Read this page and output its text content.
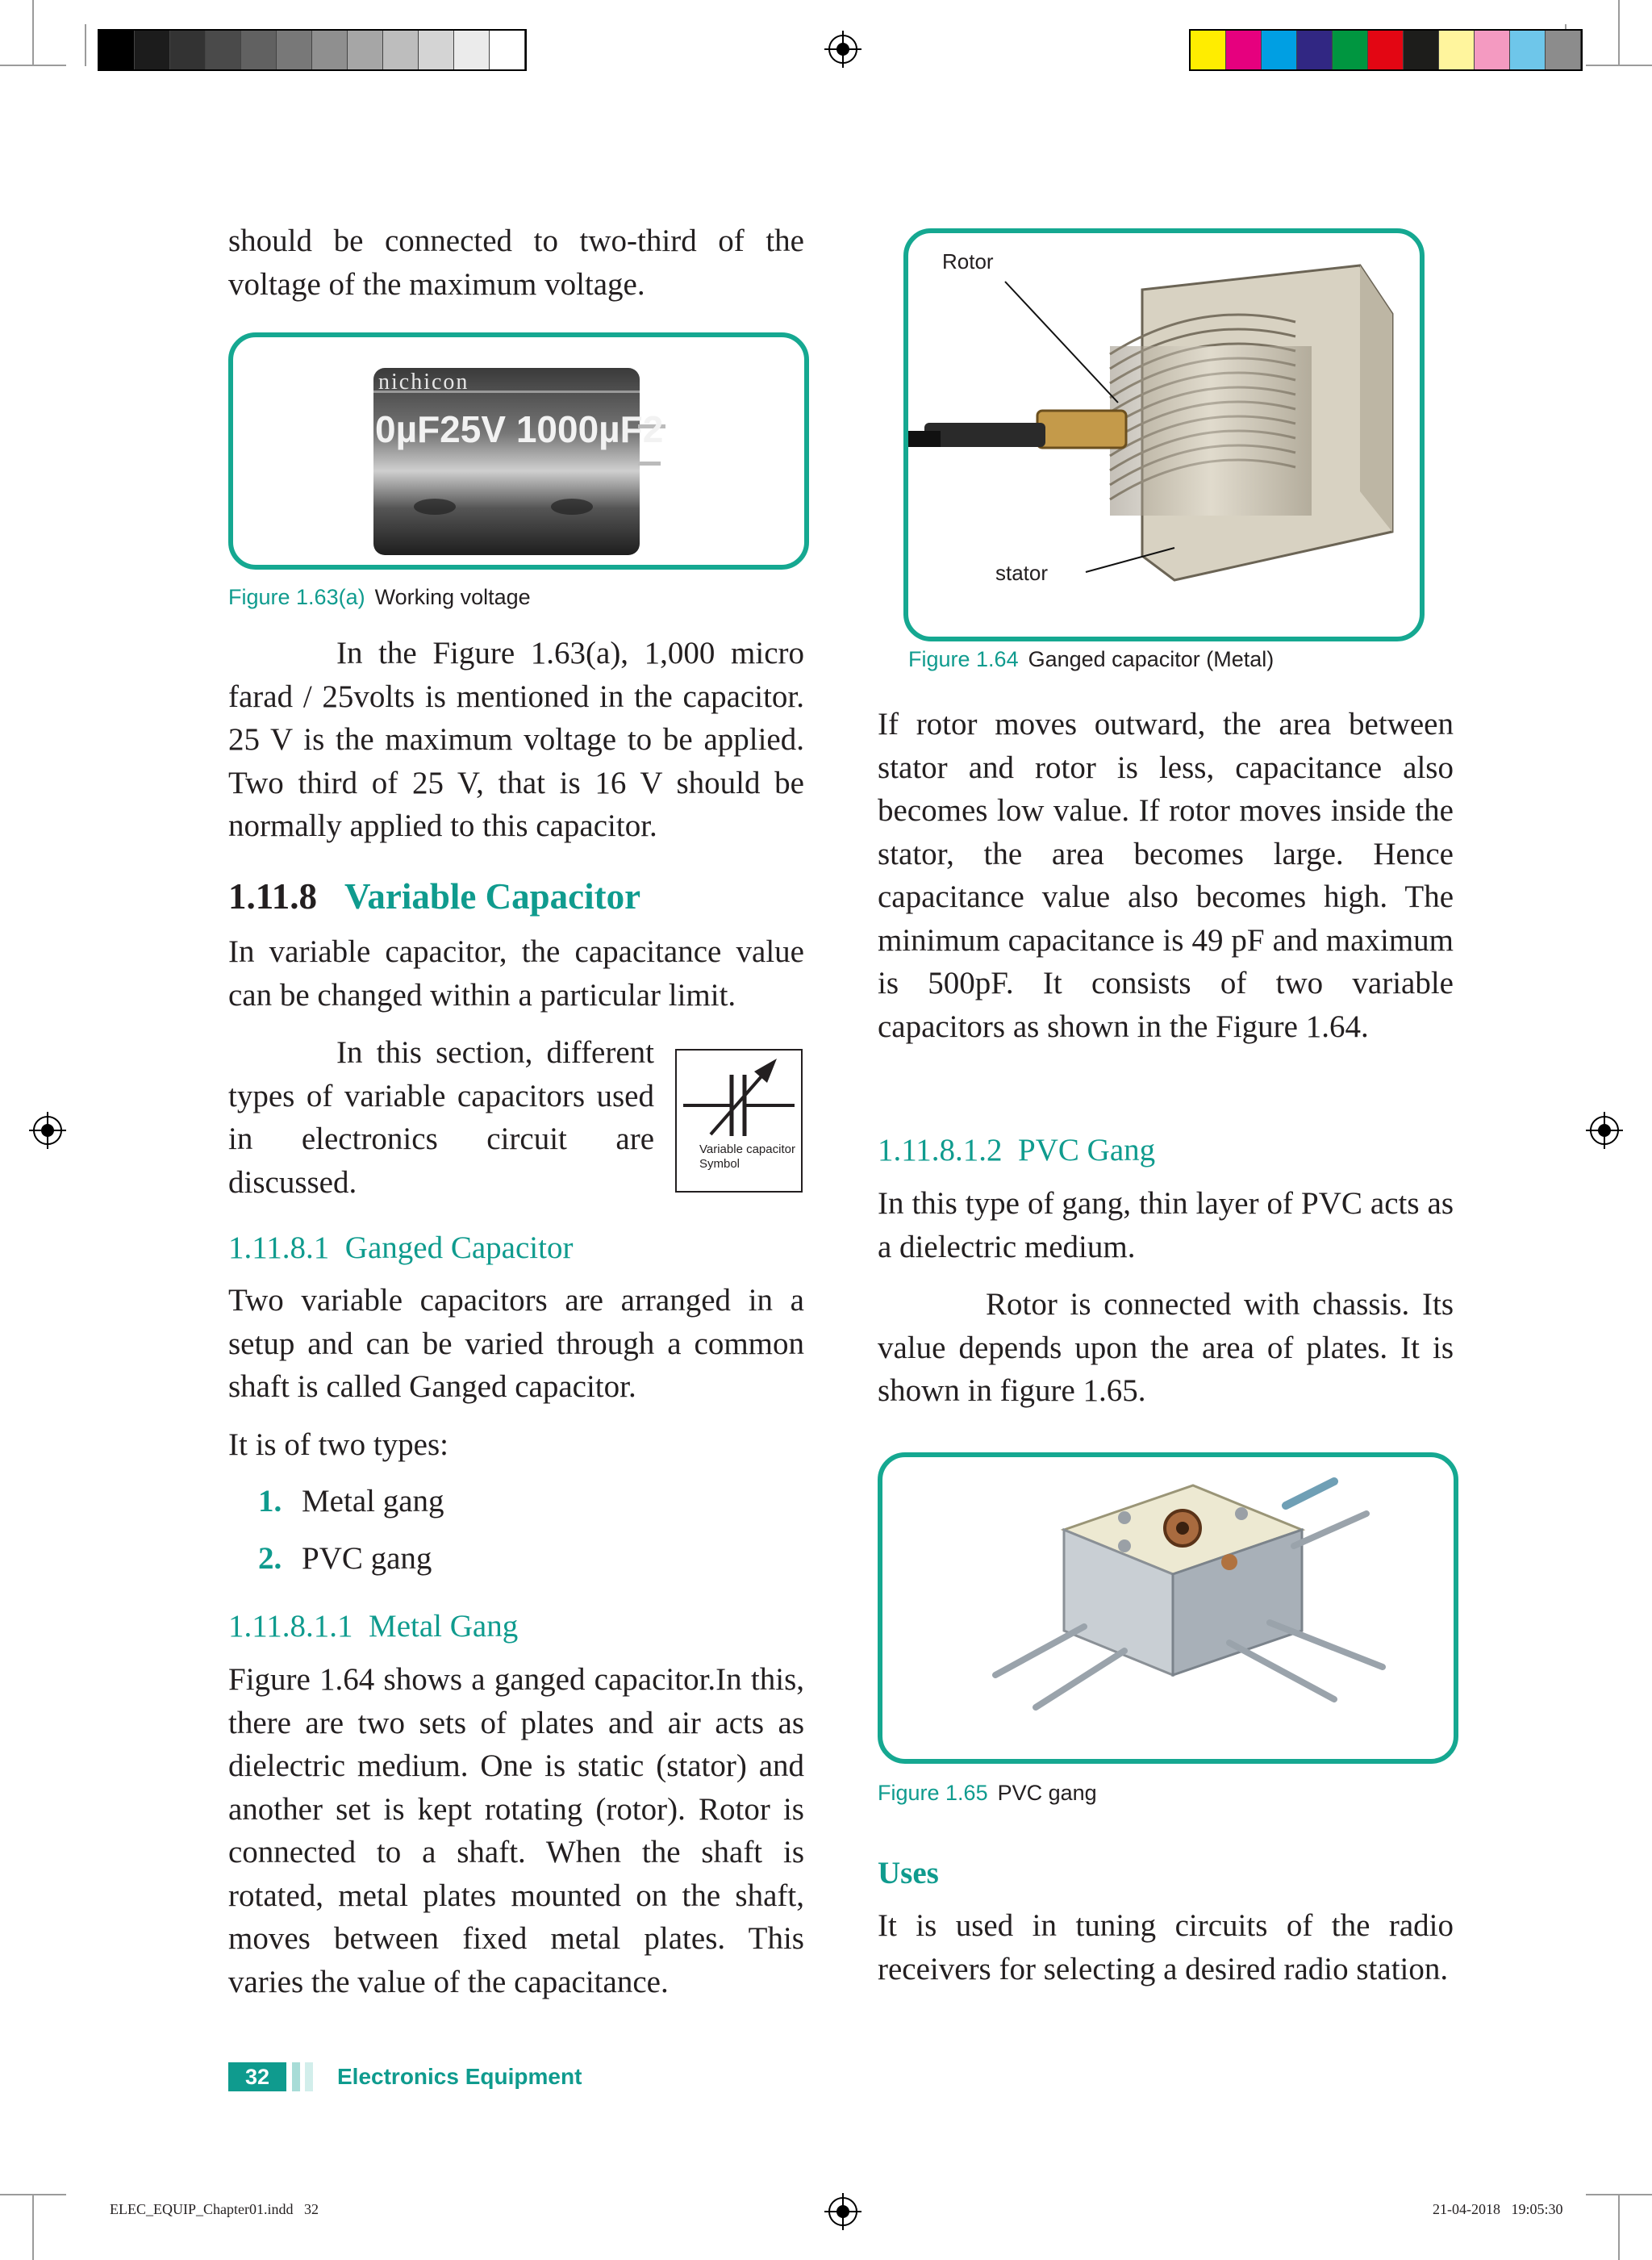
should be connected to two-third of the voltage of the maximum voltage.

nichicon
0µF25V 1000µF2
Figure 1.63(a) Working voltage

In the Figure 1.63(a), 1,000 micro farad / 25volts is mentioned in the capacitor. 25 V is the maximum voltage to be applied. Two third of 25 V, that is 16 V should be normally applied to this capacitor.

1.11.8 Variable Capacitor

In variable capacitor, the capacitance value can be changed within a particular limit.

In this section, different types of variable capacitors used in electronics circuit are discussed.

Variable capacitor
Symbol
1.11.8.1  Ganged Capacitor

Two variable capacitors are arranged in a setup and can be varied through a common shaft is called Ganged capacitor.

It is of two types:

1. Metal gang
2. PVC gang
1.11.8.1.1  Metal Gang

Figure 1.64 shows a ganged capacitor.In this, there are two sets of plates and air acts as dielectric medium. One is static (stator) and another set is kept rotating (rotor). Rotor is connected to a shaft. When the shaft is rotated, metal plates mounted on the shaft, moves between fixed metal plates. This varies the value of the capacitance.

Rotor
stator
Figure 1.64 Ganged capacitor (Metal)

If rotor moves outward, the area between stator and rotor is less, capacitance also becomes low value. If rotor moves inside the stator, the area becomes large. Hence capacitance value also becomes high. The minimum capacitance is 49 pF and maximum is 500pF. It consists of two variable capacitors as shown in the Figure 1.64.

1.11.8.1.2  PVC Gang

In this type of gang, thin layer of PVC acts as a dielectric medium.

Rotor is connected with chassis. Its value depends upon the area of plates. It is shown in figure 1.65.

Figure 1.65 PVC gang
Uses

It is used in tuning circuits of the radio receivers for selecting a desired radio station.

32	Electronics Equipment
ELEC_EQUIP_Chapter01.indd   32	21-04-2018   19:05:30
